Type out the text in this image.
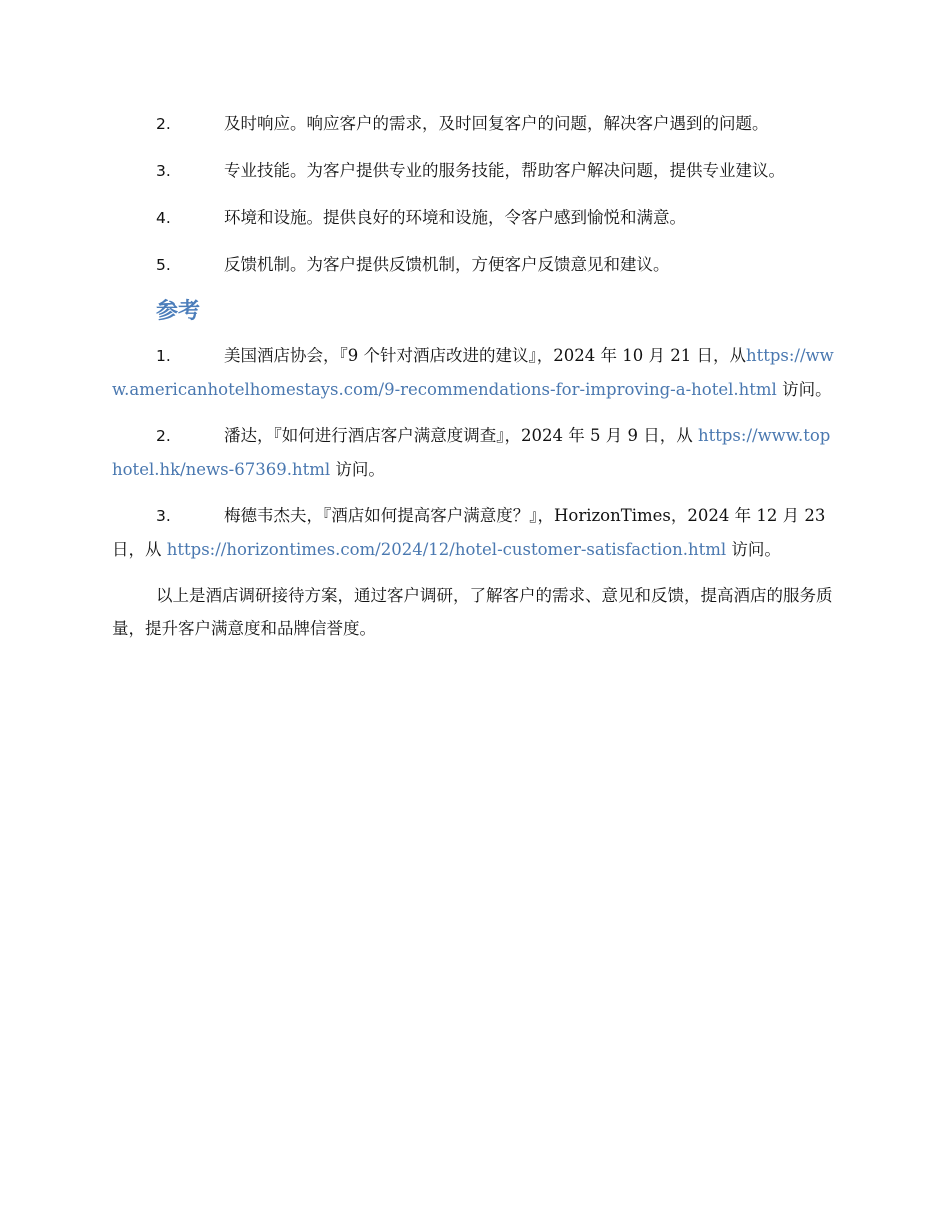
2.	及时响应。响应客户的需求，及时回复客户的问题，解决客户遇到的问题。
3.	专业技能。为客户提供专业的服务技能，帮助客户解决问题，提供专业建议。
4.	环境和设施。提供良好的环境和设施，令客户感到愉悦和满意。
5.	反馈机制。为客户提供反馈机制，方便客户反馈意见和建议。
参考
1.	美国酒店协会，『9 个针对酒店改进的建议』，2024 年 10 月 21 日，从https://www.americanhotelhomestays.com/9-recommendations-for-improving-a-hotel.html 访问。
2.	潘达，『如何进行酒店客户满意度调查』，2024 年 5 月 9 日，从 https://www.tophotel.hk/news-67369.html 访问。
3.	梅德韦杰夫，『酒店如何提高客户满意度？』，HorizonTimes，2024 年 12 月 23 日，从 https://horizontimes.com/2024/12/hotel-customer-satisfaction.html 访问。
以上是酒店调研接待方案，通过客户调研，了解客户的需求、意见和反馈，提高酒店的服务质量，提升客户满意度和品牌信誉度。
